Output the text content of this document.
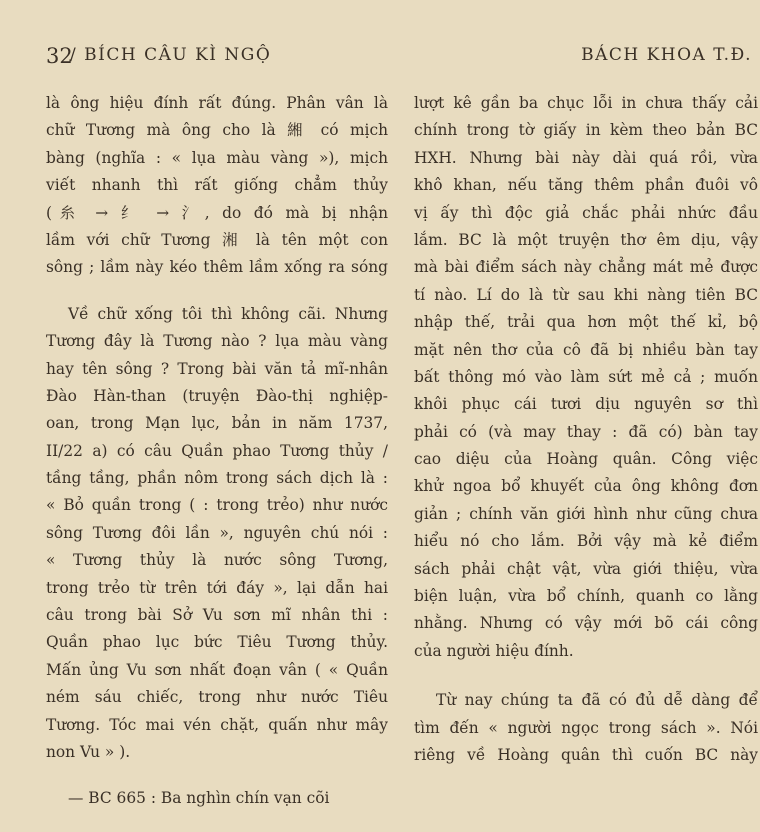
32
/ BÍCH CÂU KÌ NGỘ	BÁCH KHOA T.Đ.
là ông hiệu đính rất đúng. Phân vân là
chữ Tương mà ông cho là 緗 có mịch
bàng (nghĩa : « lụa màu vàng »), mịch
viết nhanh thì rất giống chẳm thủy
(糸 → 纟 → 氵, do đó mà bị nhận
lầm với chữ Tương 湘 là tên một con
sông ; lầm này kéo thêm lầm xống ra sóng
Về chữ xống tôi thì không cãi. Nhưng
Tương đây là Tương nào ? lụa màu vàng
hay tên sông ? Trong bài văn tả mĩ-nhân
Đào Hàn-than (truyện Đào-thị nghiệp-
oan, trong Mạn lục, bản in năm 1737,
II/22 a) có câu Quần phao Tương thủy /
tầng tầng, phần nôm trong sách dịch là :
« Bỏ quần trong ( : trong trẻo) như nước
sông Tương đôi lần », nguyên chú nói :
« Tương thủy là nước sông Tương,
trong trẻo từ trên tới đáy », lại dẫn hai
câu trong bài Sở Vu sơn mĩ nhân thi :
Quần phao lục bức Tiêu Tương thủy.
Mấn ủng Vu sơn nhất đoạn vân ( « Quần
ném sáu chiếc, trong như nước Tiêu
Tương. Tóc mai vén chặt, quấn như mây
non Vu » ).
— BC 665 : Ba nghìn chín vạn cõi
lượt kê gần ba chục lỗi in chưa thấy cải
chính trong tờ giấy in kèm theo bản BC
HXH. Nhưng bài này dài quá rồi, vừa
khô khan, nếu tăng thêm phần đuôi vô
vị ấy thì độc giả chắc phải nhức đầu
lắm. BC là một truyện thơ êm dịu, vậy
mà bài điểm sách này chẳng mát mẻ được
tí nào. Lí do là từ sau khi nàng tiên BC
nhập thế, trải qua hơn một thế kỉ, bộ
mặt nên thơ của cô đã bị nhiều bàn tay
bất thông mó vào làm sứt mẻ cả ; muốn
khôi phục cái tươi dịu nguyên sơ thì
phải có (và may thay : đã có) bàn tay
cao diệu của Hoàng quân. Công việc
khử ngoa bổ khuyết của ông không đơn
giản ; chính văn giới hình như cũng chưa
hiểu nó cho lắm. Bởi vậy mà kẻ điểm
sách phải chật vật, vừa giới thiệu, vừa
biện luận, vừa bổ chính, quanh co lằng
nhằng. Nhưng có vậy mới bõ cái công
của người hiệu đính.
Từ nay chúng ta đã có đủ dễ dàng để
tìm đến « người ngọc trong sách ». Nói
riêng về Hoàng quân thì cuốn BC này
